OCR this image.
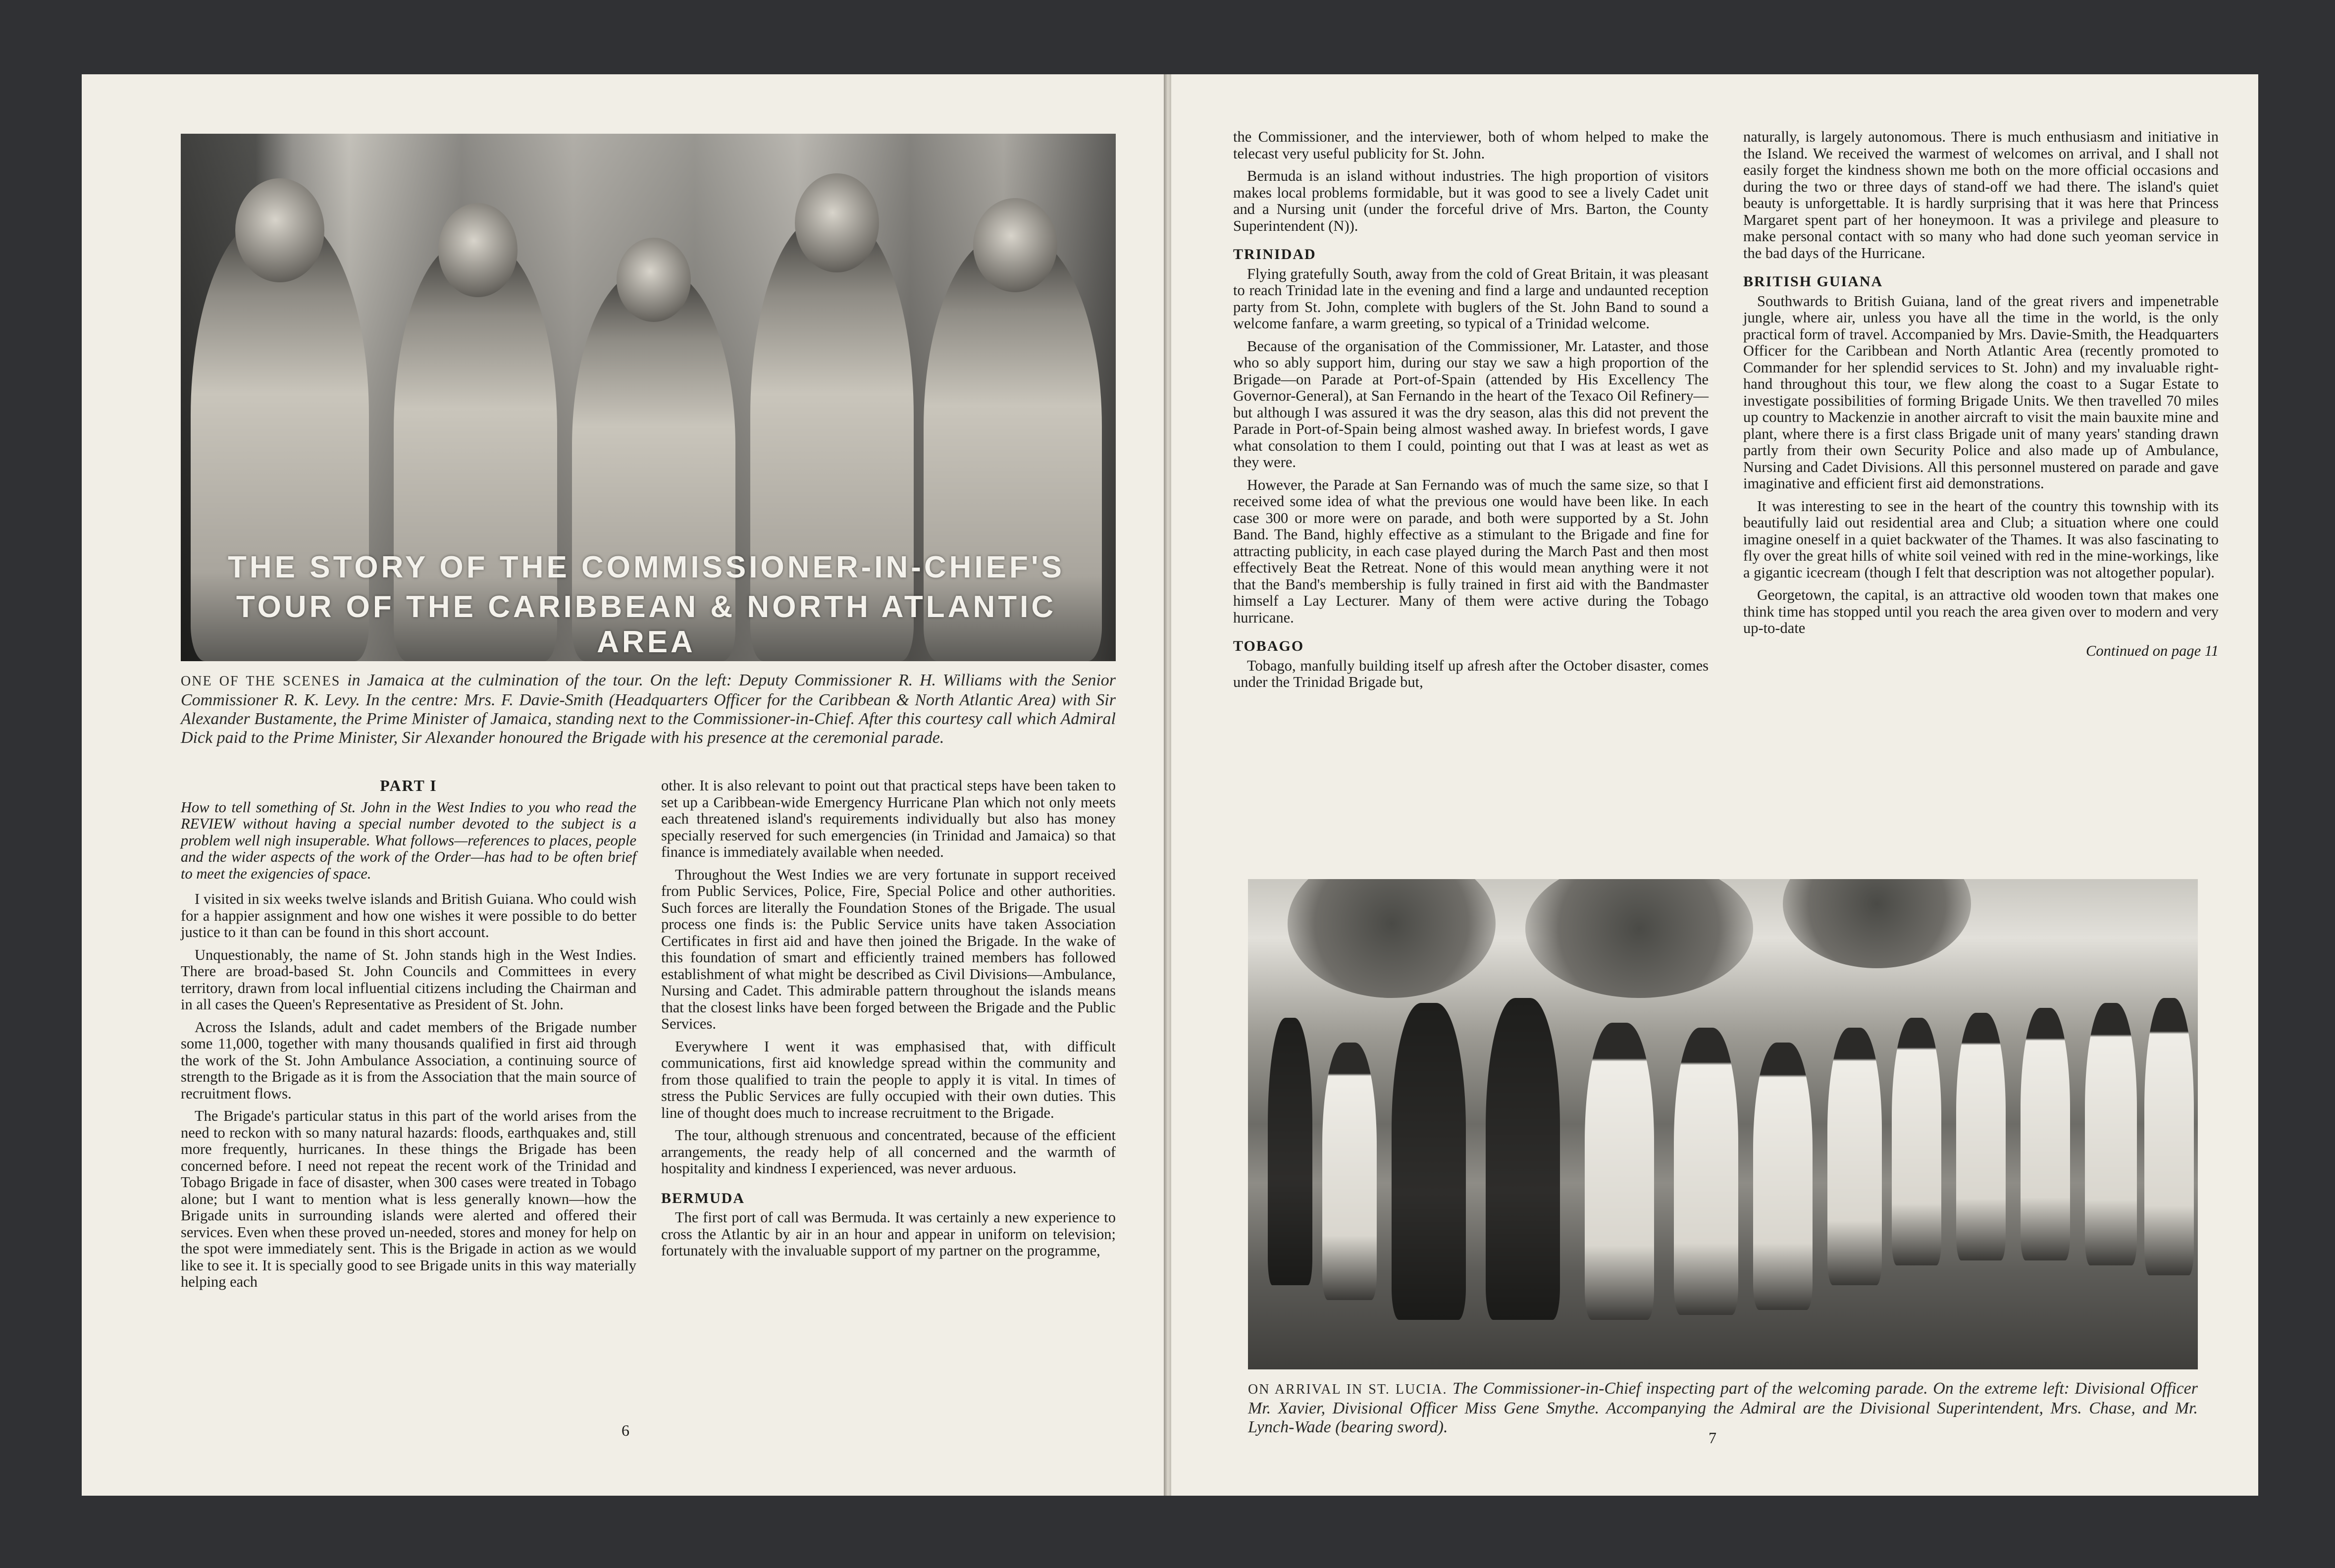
THE STORY OF THE COMMISSIONER-IN-CHIEF'S
TOUR OF THE CARIBBEAN & NORTH ATLANTIC AREA
ONE OF THE SCENES in Jamaica at the culmination of the tour. On the left: Deputy Commissioner R. H. Williams with the Senior Commissioner R. K. Levy. In the centre: Mrs. F. Davie-Smith (Headquarters Officer for the Caribbean & North Atlantic Area) with Sir Alexander Bustamente, the Prime Minister of Jamaica, standing next to the Commissioner-in-Chief. After this courtesy call which Admiral Dick paid to the Prime Minister, Sir Alexander honoured the Brigade with his presence at the ceremonial parade.
PART I

How to tell something of St. John in the West Indies to you who read the REVIEW without having a special number devoted to the subject is a problem well nigh insuperable. What follows—references to places, people and the wider aspects of the work of the Order—has had to be often brief to meet the exigencies of space.

I visited in six weeks twelve islands and British Guiana. Who could wish for a happier assignment and how one wishes it were possible to do better justice to it than can be found in this short account.

Unquestionably, the name of St. John stands high in the West Indies. There are broad-based St. John Councils and Committees in every territory, drawn from local influential citizens including the Chairman and in all cases the Queen's Representative as President of St. John.

Across the Islands, adult and cadet members of the Brigade number some 11,000, together with many thousands qualified in first aid through the work of the St. John Ambulance Association, a continuing source of strength to the Brigade as it is from the Association that the main source of recruitment flows.

The Brigade's particular status in this part of the world arises from the need to reckon with so many natural hazards: floods, earthquakes and, still more frequently, hurricanes. In these things the Brigade has been concerned before. I need not repeat the recent work of the Trinidad and Tobago Brigade in face of disaster, when 300 cases were treated in Tobago alone; but I want to mention what is less generally known—how the Brigade units in surrounding islands were alerted and offered their services. Even when these proved un-needed, stores and money for help on the spot were immediately sent. This is the Brigade in action as we would like to see it. It is specially good to see Brigade units in this way materially helping each

other. It is also relevant to point out that practical steps have been taken to set up a Caribbean-wide Emergency Hurricane Plan which not only meets each threatened island's requirements individually but also has money specially reserved for such emergencies (in Trinidad and Jamaica) so that finance is immediately available when needed.

Throughout the West Indies we are very fortunate in support received from Public Services, Police, Fire, Special Police and other authorities. Such forces are literally the Foundation Stones of the Brigade. The usual process one finds is: the Public Service units have taken Association Certificates in first aid and have then joined the Brigade. In the wake of this foundation of smart and efficiently trained members has followed establishment of what might be described as Civil Divisions—Ambulance, Nursing and Cadet. This admirable pattern throughout the islands means that the closest links have been forged between the Brigade and the Public Services.

Everywhere I went it was emphasised that, with difficult communications, first aid knowledge spread within the community and from those qualified to train the people to apply it is vital. In times of stress the Public Services are fully occupied with their own duties. This line of thought does much to increase recruitment to the Brigade.

The tour, although strenuous and concentrated, because of the efficient arrangements, the ready help of all concerned and the warmth of hospitality and kindness I experienced, was never arduous.

BERMUDA

The first port of call was Bermuda. It was certainly a new experience to cross the Atlantic by air in an hour and appear in uniform on television; fortunately with the invaluable support of my partner on the programme,

6

the Commissioner, and the interviewer, both of whom helped to make the telecast very useful publicity for St. John.

Bermuda is an island without industries. The high proportion of visitors makes local problems formidable, but it was good to see a lively Cadet unit and a Nursing unit (under the forceful drive of Mrs. Barton, the County Superintendent (N)).

TRINIDAD

Flying gratefully South, away from the cold of Great Britain, it was pleasant to reach Trinidad late in the evening and find a large and undaunted reception party from St. John, complete with buglers of the St. John Band to sound a welcome fanfare, a warm greeting, so typical of a Trinidad welcome.

Because of the organisation of the Commissioner, Mr. Lataster, and those who so ably support him, during our stay we saw a high proportion of the Brigade—on Parade at Port-of-Spain (attended by His Excellency The Governor-General), at San Fernando in the heart of the Texaco Oil Refinery—but although I was assured it was the dry season, alas this did not prevent the Parade in Port-of-Spain being almost washed away. In briefest words, I gave what consolation to them I could, pointing out that I was at least as wet as they were.

However, the Parade at San Fernando was of much the same size, so that I received some idea of what the previous one would have been like. In each case 300 or more were on parade, and both were supported by a St. John Band. The Band, highly effective as a stimulant to the Brigade and fine for attracting publicity, in each case played during the March Past and then most effectively Beat the Retreat. None of this would mean anything were it not that the Band's membership is fully trained in first aid with the Bandmaster himself a Lay Lecturer. Many of them were active during the Tobago hurricane.

TOBAGO

Tobago, manfully building itself up afresh after the October disaster, comes under the Trinidad Brigade but,

naturally, is largely autonomous. There is much enthusiasm and initiative in the Island. We received the warmest of welcomes on arrival, and I shall not easily forget the kindness shown me both on the more official occasions and during the two or three days of stand-off we had there. The island's quiet beauty is unforgettable. It is hardly surprising that it was here that Princess Margaret spent part of her honeymoon. It was a privilege and pleasure to make personal contact with so many who had done such yeoman service in the bad days of the Hurricane.

BRITISH GUIANA

Southwards to British Guiana, land of the great rivers and impenetrable jungle, where air, unless you have all the time in the world, is the only practical form of travel. Accompanied by Mrs. Davie-Smith, the Headquarters Officer for the Caribbean and North Atlantic Area (recently promoted to Commander for her splendid services to St. John) and my invaluable right-hand throughout this tour, we flew along the coast to a Sugar Estate to investigate possibilities of forming Brigade Units. We then travelled 70 miles up country to Mackenzie in another aircraft to visit the main bauxite mine and plant, where there is a first class Brigade unit of many years' standing drawn partly from their own Security Police and also made up of Ambulance, Nursing and Cadet Divisions. All this personnel mustered on parade and gave imaginative and efficient first aid demonstrations.

It was interesting to see in the heart of the country this township with its beautifully laid out residential area and Club; a situation where one could imagine oneself in a quiet backwater of the Thames. It was also fascinating to fly over the great hills of white soil veined with red in the mine-workings, like a gigantic icecream (though I felt that description was not altogether popular).

Georgetown, the capital, is an attractive old wooden town that makes one think time has stopped until you reach the area given over to modern and very up-to-date

Continued on page 11

ON ARRIVAL IN ST. LUCIA. The Commissioner-in-Chief inspecting part of the welcoming parade. On the extreme left: Divisional Officer Mr. Xavier, Divisional Officer Miss Gene Smythe. Accompanying the Admiral are the Divisional Superintendent, Mrs. Chase, and Mr. Lynch-Wade (bearing sword).
7
